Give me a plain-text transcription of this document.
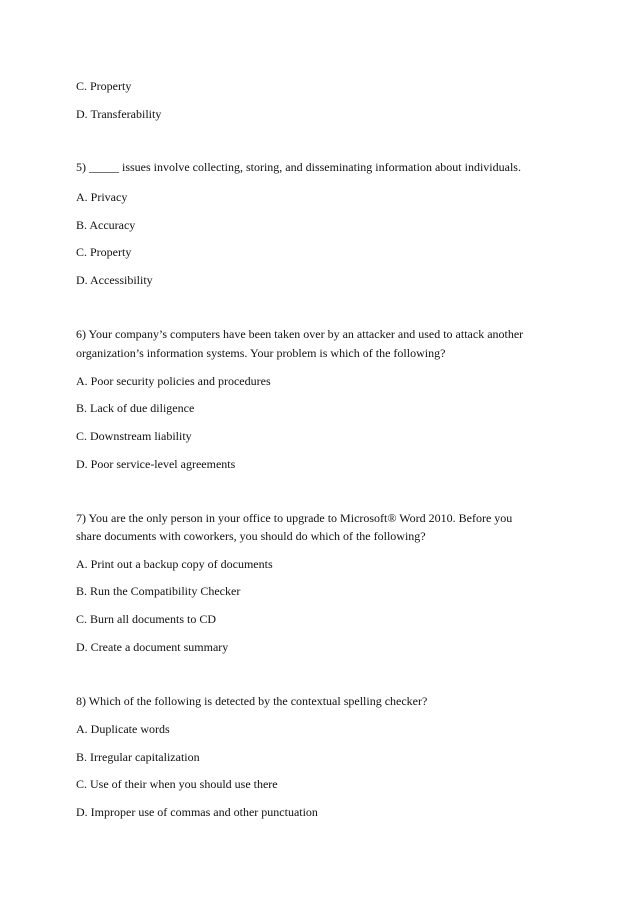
C. Property

D. Transferability

5) _____ issues involve collecting, storing, and disseminating information about individuals.

A. Privacy

B. Accuracy

C. Property

D. Accessibility

6) Your company’s computers have been taken over by an attacker and used to attack another

organization’s information systems. Your problem is which of the following?

A. Poor security policies and procedures

B. Lack of due diligence

C. Downstream liability

D. Poor service-level agreements

7) You are the only person in your office to upgrade to Microsoft® Word 2010. Before you

share documents with coworkers, you should do which of the following?

A. Print out a backup copy of documents

B. Run the Compatibility Checker

C. Burn all documents to CD

D. Create a document summary

8) Which of the following is detected by the contextual spelling checker?

A. Duplicate words

B. Irregular capitalization

C. Use of their when you should use there

D. Improper use of commas and other punctuation
